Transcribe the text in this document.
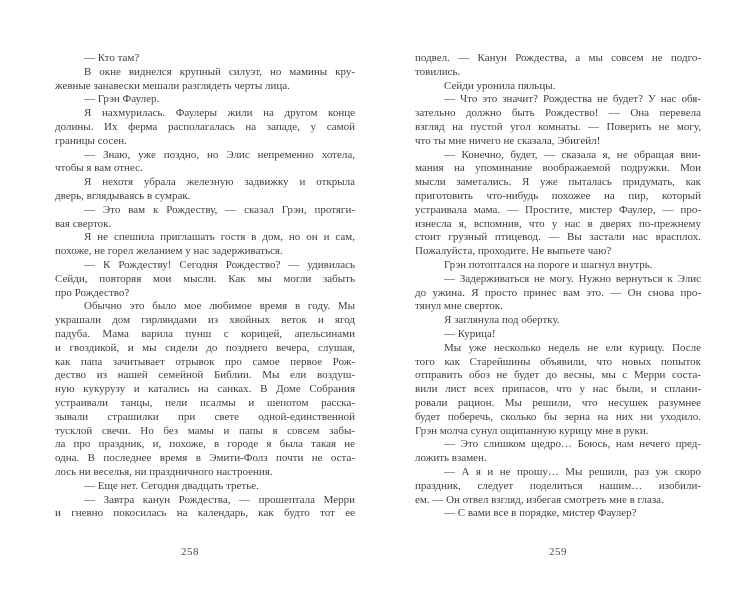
— Кто там?
В окне виднелся крупный силуэт, но мамины кру-
жевные занавески мешали разглядеть черты лица.
— Грэн Фаулер.
Я нахмурилась. Фаулеры жили на другом конце
долины. Их ферма располагалась на западе, у самой
границы сосен.
— Знаю, уже поздно, но Элис непременно хотела,
чтобы я вам отнес.
Я нехотя убрала железную задвижку и открыла
дверь, вглядываясь в сумрак.
— Это вам к Рождеству, — сказал Грэн, протяги-
вая сверток.
Я не спешила приглашать гостя в дом, но он и сам,
похоже, не горел желанием у нас задерживаться.
— К Рождеству! Сегодня Рождество? — удивилась
Сейди, повторяя мои мысли. Как мы могли забыть
про Рождество?
Обычно это было мое любимое время в году. Мы
украшали дом гирляндами из хвойных веток и ягод
падуба. Мама варила пунш с корицей, апельсинами
и гвоздикой, и мы сидели до позднего вечера, слушая,
как папа зачитывает отрывок про самое первое Рож-
дество из нашей семейной Библии. Мы ели воздуш-
ную кукурузу и катались на санках. В Доме Собрания
устраивали танцы, пели псалмы и шепотом расска-
зывали страшилки при свете одной-единственной
тусклой свечи. Но без мамы и папы я совсем забы-
ла про праздник, и, похоже, в городе я была такая не
одна. В последнее время в Эмити-Фолз почти не оста-
лось ни веселья, ни праздничного настроения.
— Еще нет. Сегодня двадцать третье.
— Завтра канун Рождества, — прошептала Мерри
и гневно покосилась на календарь, как будто тот ее
258
подвел. — Канун Рождества, а мы совсем не подго-
товились.
Сейди уронила пяльцы.
— Что это значит? Рождества не будет? У нас обя-
зательно должно быть Рождество! — Она перевела
взгляд на пустой угол комнаты. — Поверить не могу,
что ты мне ничего не сказала, Эбигейл!
— Конечно, будет, — сказала я, не обращая вни-
мания на упоминание воображаемой подружки. Мои
мысли заметались. Я уже пыталась придумать, как
приготовить что-нибудь похожее на пир, который
устраивала мама. — Простите, мистер Фаулер, — про-
изнесла я, вспомнив, что у нас в дверях по-прежнему
стоит грузный птицевод. — Вы застали нас врасплох.
Пожалуйста, проходите. Не выпьете чаю?
Грэн потоптался на пороге и шагнул внутрь.
— Задерживаться не могу. Нужно вернуться к Элис
до ужина. Я просто принес вам это. — Он снова про-
тянул мне сверток.
Я заглянула под обертку.
— Курица!
Мы уже несколько недель не ели курицу. После
того как Старейшины объявили, что новых попыток
отправить обоз не будет до весны, мы с Мерри соста-
вили лист всех припасов, что у нас были, и сплани-
ровали рацион. Мы решили, что несушек разумнее
будет поберечь, сколько бы зерна на них ни уходило.
Грэн молча сунул ощипанную курицу мне в руки.
— Это слишком щедро… Боюсь, нам нечего пред-
ложить взамен.
— А я и не прошу… Мы решили, раз уж скоро
праздник, следует поделиться нашим… изобили-
ем. — Он отвел взгляд, избегая смотреть мне в глаза.
— С вами все в порядке, мистер Фаулер?
259
